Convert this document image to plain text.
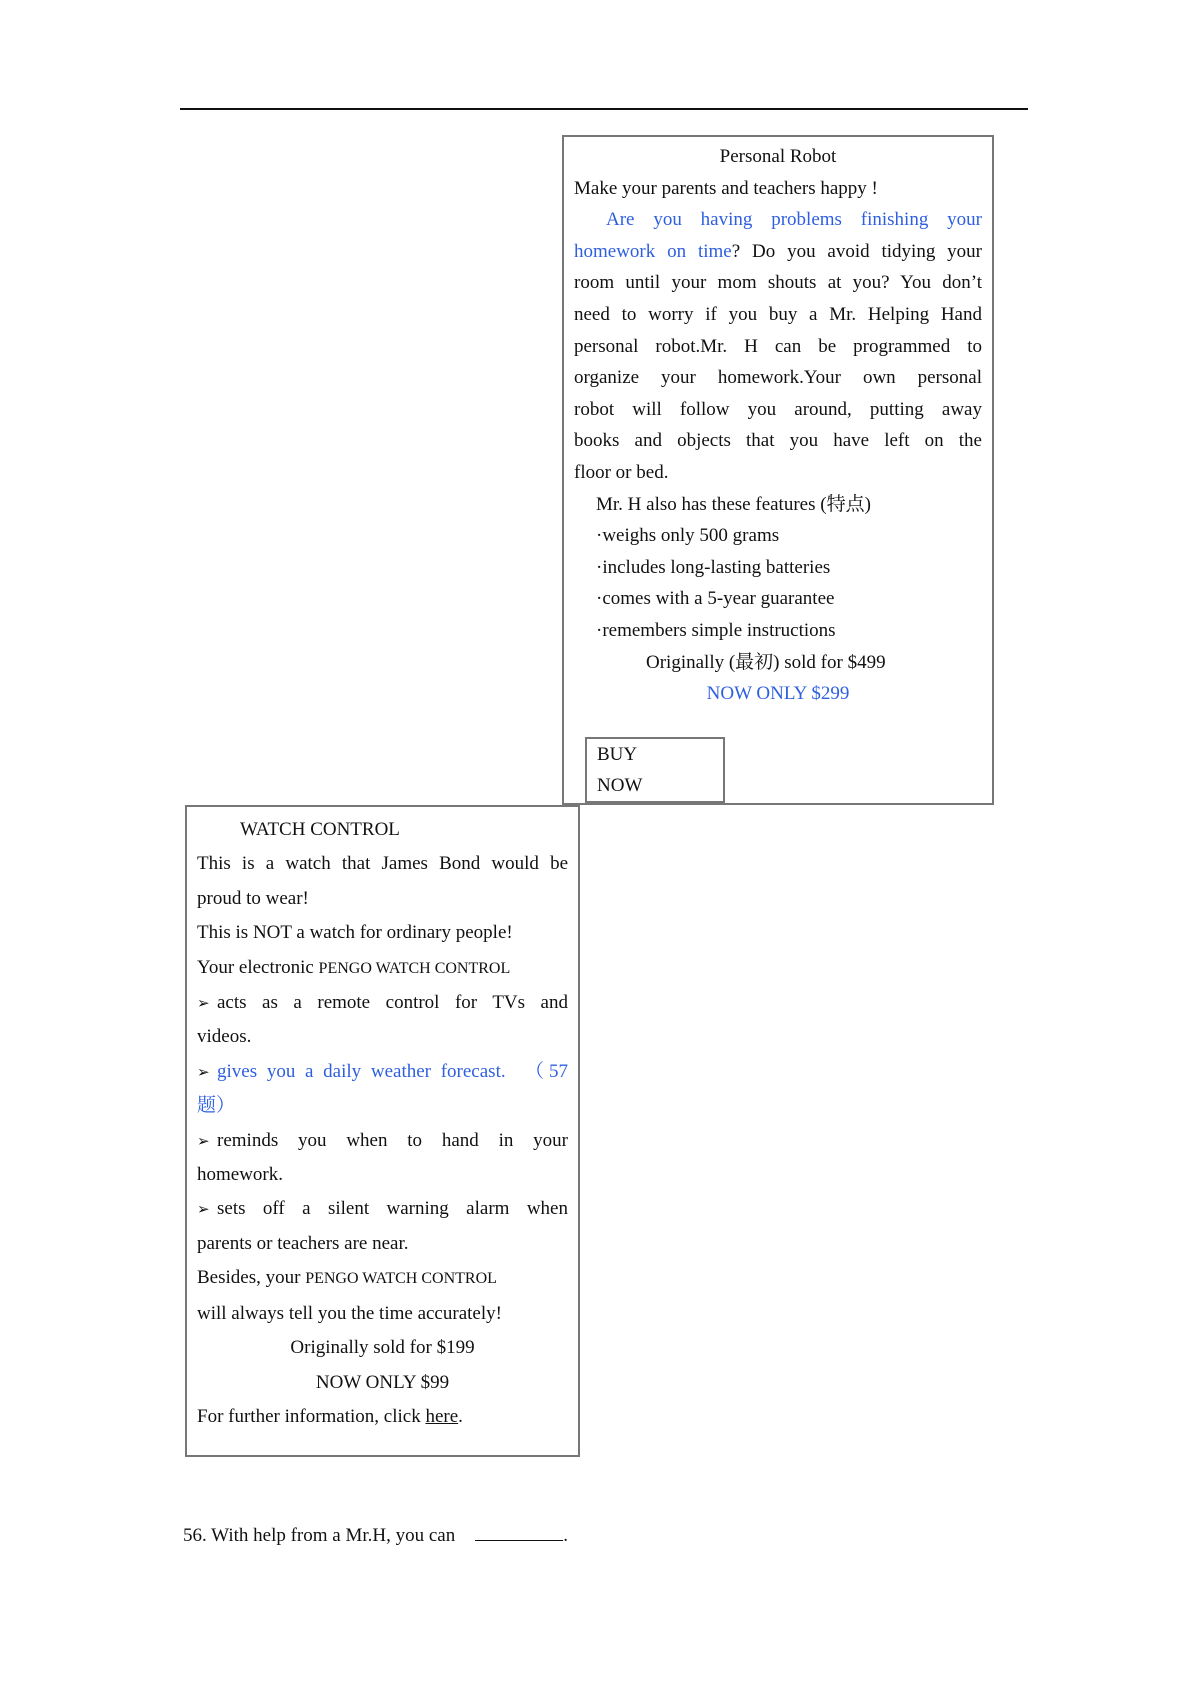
Personal Robot

Make your parents and teachers happy !

Are you having problems finishing your

homework on time? Do you avoid tidying your

room until your mom shouts at you? You don’t

need to worry if you buy a Mr. Helping Hand

personal robot.Mr. H can be programmed to

organize your homework.Your own personal

robot will follow you around, putting away

books and objects that you have left on the

floor or bed.

Mr. H also has these features (特点)

·weighs only 500 grams

·includes long-lasting batteries

·comes with a 5-year guarantee

·remembers simple instructions

Originally (最初) sold for $499

NOW ONLY $299

BUY

NOW

WATCH CONTROL

This is a watch that James Bond would be

proud to wear!

This is NOT a watch for ordinary people!

Your electronic PENGO WATCH CONTROL

➢ acts as a remote control for TVs and

videos.

➢ gives you a daily weather forecast.  （57

题）

➢ reminds you when to hand in your

homework.

➢ sets off a silent warning alarm when

parents or teachers are near.

Besides, your PENGO WATCH CONTROL

will always tell you the time accurately!

Originally sold for $199

NOW ONLY $99

For further information, click here.

56. With help from a Mr.H, you can	.
